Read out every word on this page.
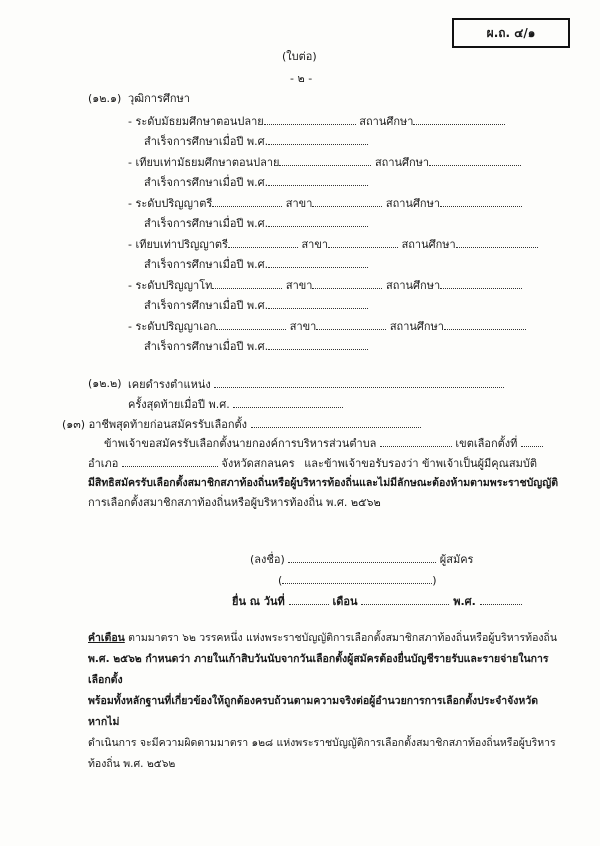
ผ.ถ. ๔/๑
(ใบต่อ)
- ๒ -
(๑๒.๑) วุฒิการศึกษา
- ระดับมัธยมศึกษาตอนปลาย	สถานศึกษา
สำเร็จการศึกษาเมื่อปี พ.ศ.
- เทียบเท่ามัธยมศึกษาตอนปลาย	สถานศึกษา
สำเร็จการศึกษาเมื่อปี พ.ศ.
- ระดับปริญญาตรี	สาขา	สถานศึกษา
สำเร็จการศึกษาเมื่อปี พ.ศ.
- เทียบเท่าปริญญาตรี	สาขา	สถานศึกษา
สำเร็จการศึกษาเมื่อปี พ.ศ.
- ระดับปริญญาโท	สาขา	สถานศึกษา
สำเร็จการศึกษาเมื่อปี พ.ศ.
- ระดับปริญญาเอก	สาขา	สถานศึกษา
สำเร็จการศึกษาเมื่อปี พ.ศ.
(๑๒.๒) เคยดำรงตำแหน่ง
ครั้งสุดท้ายเมื่อปี พ.ศ.
(๑๓) อาชีพสุดท้ายก่อนสมัครรับเลือกตั้ง
ข้าพเจ้าขอสมัครรับเลือกตั้งนายกองค์การบริหารส่วนตำบล	เขตเลือกตั้งที่
อำเภอ	จังหวัดสกลนคร และข้าพเจ้าขอรับรองว่า ข้าพเจ้าเป็นผู้มีคุณสมบัติ
มีสิทธิสมัครรับเลือกตั้งสมาชิกสภาท้องถิ่นหรือผู้บริหารท้องถิ่นและไม่มีลักษณะต้องห้ามตามพระราชบัญญัติ
การเลือกตั้งสมาชิกสภาท้องถิ่นหรือผู้บริหารท้องถิ่น พ.ศ. ๒๕๖๒
(ลงชื่อ)	ผู้สมัคร
(	)
ยื่น ณ วันที่	เดือน	พ.ศ.
คำเตือน ตามมาตรา ๖๒ วรรคหนึ่ง แห่งพระราชบัญญัติการเลือกตั้งสมาชิกสภาท้องถิ่นหรือผู้บริหารท้องถิ่น
พ.ศ. ๒๕๖๒ กำหนดว่า ภายในเก้าสิบวันนับจากวันเลือกตั้งผู้สมัครต้องยื่นบัญชีรายรับและรายจ่ายในการเลือกตั้ง
พร้อมทั้งหลักฐานที่เกี่ยวข้องให้ถูกต้องครบถ้วนตามความจริงต่อผู้อำนวยการการเลือกตั้งประจำจังหวัด หากไม่
ดำเนินการ จะมีความผิดตามมาตรา ๑๒๘ แห่งพระราชบัญญัติการเลือกตั้งสมาชิกสภาท้องถิ่นหรือผู้บริหาร
ท้องถิ่น พ.ศ. ๒๕๖๒
